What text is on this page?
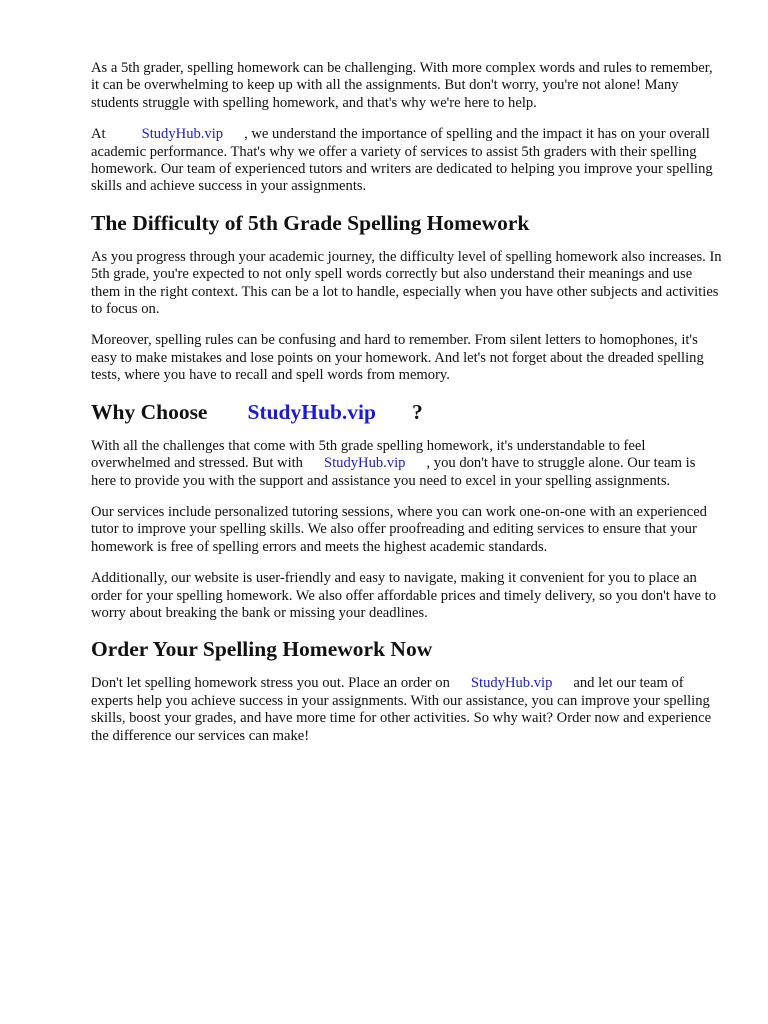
As a 5th grader, spelling homework can be challenging. With more complex words and rules to remember, it can be overwhelming to keep up with all the assignments. But don't worry, you're not alone! Many students struggle with spelling homework, and that's why we're here to help.

At StudyHub.vip , we understand the importance of spelling and the impact it has on your overall academic performance. That's why we offer a variety of services to assist 5th graders with their spelling homework. Our team of experienced tutors and writers are dedicated to helping you improve your spelling skills and achieve success in your assignments.

The Difficulty of 5th Grade Spelling Homework

As you progress through your academic journey, the difficulty level of spelling homework also increases. In 5th grade, you're expected to not only spell words correctly but also understand their meanings and use them in the right context. This can be a lot to handle, especially when you have other subjects and activities to focus on.

Moreover, spelling rules can be confusing and hard to remember. From silent letters to homophones, it's easy to make mistakes and lose points on your homework. And let's not forget about the dreaded spelling tests, where you have to recall and spell words from memory.

Why Choose StudyHub.vip ?

With all the challenges that come with 5th grade spelling homework, it's understandable to feel overwhelmed and stressed. But with StudyHub.vip , you don't have to struggle alone. Our team is here to provide you with the support and assistance you need to excel in your spelling assignments.

Our services include personalized tutoring sessions, where you can work one-on-one with an experienced tutor to improve your spelling skills. We also offer proofreading and editing services to ensure that your homework is free of spelling errors and meets the highest academic standards.

Additionally, our website is user-friendly and easy to navigate, making it convenient for you to place an order for your spelling homework. We also offer affordable prices and timely delivery, so you don't have to worry about breaking the bank or missing your deadlines.

Order Your Spelling Homework Now

Don't let spelling homework stress you out. Place an order on StudyHub.vip and let our team of experts help you achieve success in your assignments. With our assistance, you can improve your spelling skills, boost your grades, and have more time for other activities. So why wait? Order now and experience the difference our services can make!
